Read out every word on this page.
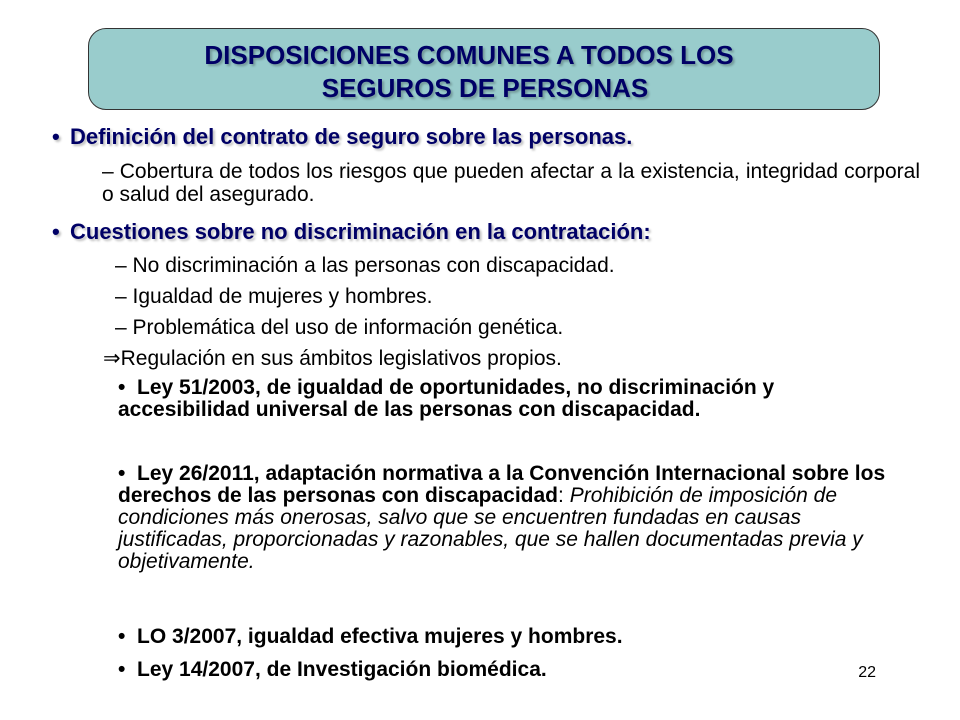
DISPOSICIONES COMUNES A TODOS LOS
SEGUROS DE PERSONAS
• Definición del contrato de seguro sobre las personas.
– Cobertura de todos los riesgos que pueden afectar a la existencia, integridad corporal o salud del asegurado.
• Cuestiones sobre no discriminación en la contratación:
– No discriminación a las personas con discapacidad.
– Igualdad de mujeres y hombres.
– Problemática del uso de información genética.
⇒Regulación en sus ámbitos legislativos propios.
•  Ley 51/2003, de igualdad de oportunidades, no discriminación y accesibilidad universal de las personas con discapacidad.
•  Ley 26/2011, adaptación normativa a la Convención Internacional sobre los derechos de las personas con discapacidad: Prohibición de imposición de condiciones más onerosas, salvo que se encuentren fundadas en causas justificadas, proporcionadas y razonables, que se hallen documentadas previa y objetivamente.
•  LO 3/2007, igualdad efectiva mujeres y hombres.
•  Ley 14/2007, de Investigación biomédica.	22
